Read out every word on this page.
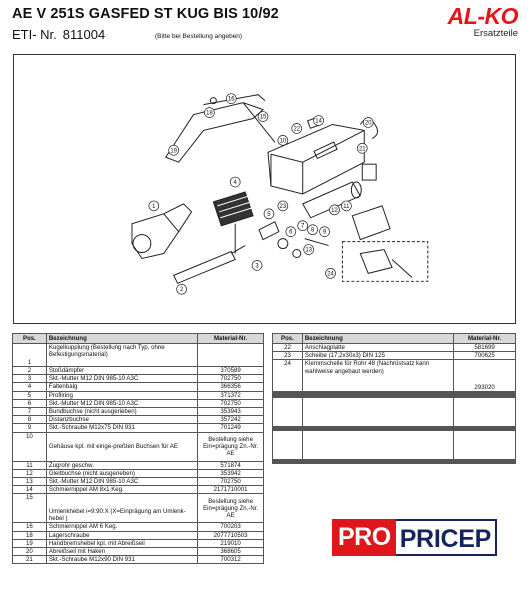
AE V 251S GASFED ST KUG BIS 10/92
ETI- Nr. 811004	(Bitte bei Bestellung angeben)
AL-KO
Ersatzteile
1
2
3
4
5
6
7
8 9
10
11
12
13
14
15
16
18
19
20
21
22
23
24
Pos.	Bezeichnung	Material-Nr.
1	Kugelkupplung (Bestellung nach Typ, ohne Befestigungsmaterial)	
2	Stoßdämpfer	370589
3	Skt.-Mutter M12 DIN 985-10 A3C	702750
4	Faltenbalg	366356
5	Profilring	371372
6	Skt.-Mutter M12 DIN 985-10 A3C	702750
7	Bundbuchse (nicht ausgerieben)	353943
8	Distanzbuchse	357242
9	Skt.-Schraube M12x75 DIN 931	701249
10	Gehäuse kpl. mit einge-preßten Buchsen für AE	Bestellung siehe Ein=prägung Zn.-Nr. AE
11	Zugrohr geschw.	571874
12	Gleitbuchse (nicht ausgerieben)	353942
13	Skt.-Mutter M12 DIN 985-10 A3C	702750
14	Schmiernippel AM 8x1 Keg.	2171710001
15	Umlenkhebel i=9:90:X (X=Einprägung am Umlenk-hebel )	Bestellung siehe Ein=prägung Zn.-Nr. AE
16	Schmiernippel AM 6 Keg.	700203
18	Lagerschraube	2077710503
19	Handbremshebel kpl. mit Abreißseil	219010
20	Abreißseil mit Haken	368605
21	Skt.-Schraube M12x90 DIN 931	700312
Pos.	Bezeichnung	Material-Nr.
22	Anschlagplatte	581699
23	Scheibe (17,2x30x3) DIN 125	700625
24	Klemmschelle für Rohr 48 (Nachrüstsatz kann wahlweise angebaut werden)	293020

PRO PRICEP
